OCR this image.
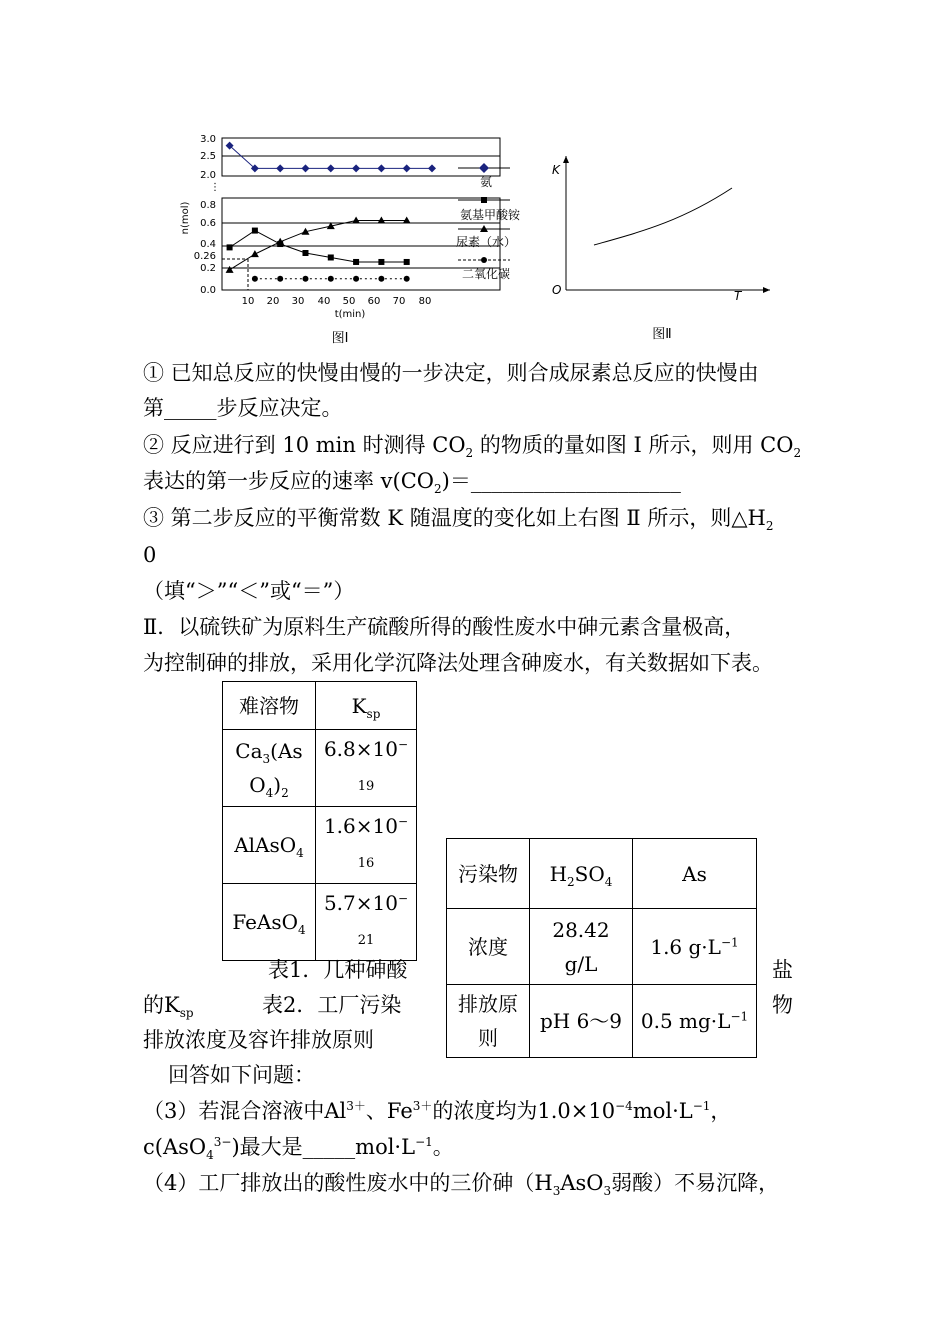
3.0
2.5
2.0
⋮
0.8
0.6
0.4
0.26
0.2
0.0
n(mol)
10 20 30 40 50 60 70 80
t(min)
氨
氨基甲酸铵
尿素（水）
二氧化碳
图Ⅰ
K
T
O
图Ⅱ
① 已知总反应的快慢由慢的一步决定，则合成尿素总反应的快慢由
第_____步反应决定。
② 反应进行到 10 min 时测得 $CO_2$ 的物质的量如图 Ⅰ 所示，则用 $CO_2$
表达的第一步反应的速率 $v(CO_2)=\_\_\_\_\_\_\_\_\_\_\_\_\_\_\_\_\_\_\_\_$
③ 第二步反应的平衡常数 K 随温度的变化如上右图 Ⅱ 所示，则$\triangle H_2$
0
（填“＞”“＜”或“＝”）
Ⅱ．以硫铁矿为原料生产硫酸所得的酸性废水中砷元素含量极高，
为控制砷的排放，采用化学沉降法处理含砷废水，有关数据如下表。
难溶物	$K_{sp}$
$Ca_3(As$
$O_4)_2$	6.8×10−
19
AlAsO$_4$	1.6×10−
16
FeAsO$_4$	5.7×10−
21
污染物	$H_2SO_4$	As
浓度	28.42 g/L	1.6 $g\cdot L^{-1}$
排放原则	pH 6～9	0.5 $mg\cdot L^{-1}$
表1．几种砷酸
的$K_{sp}$	表2．工厂污染
排放浓度及容许排放原则
盐
物
回答如下问题：
（3）若混合溶液中$Al^{3+}$、$Fe^{3+}$的浓度均为$1.0\times 10^{-4}mol\cdot L^{-1}$，
c(AsO$_4^{3-}$)最大是$\_\_\_\_\_mol\cdot L^{-1}$。
（4）工厂排放出的酸性废水中的三价砷（$H_3AsO_3$弱酸）不易沉降，
